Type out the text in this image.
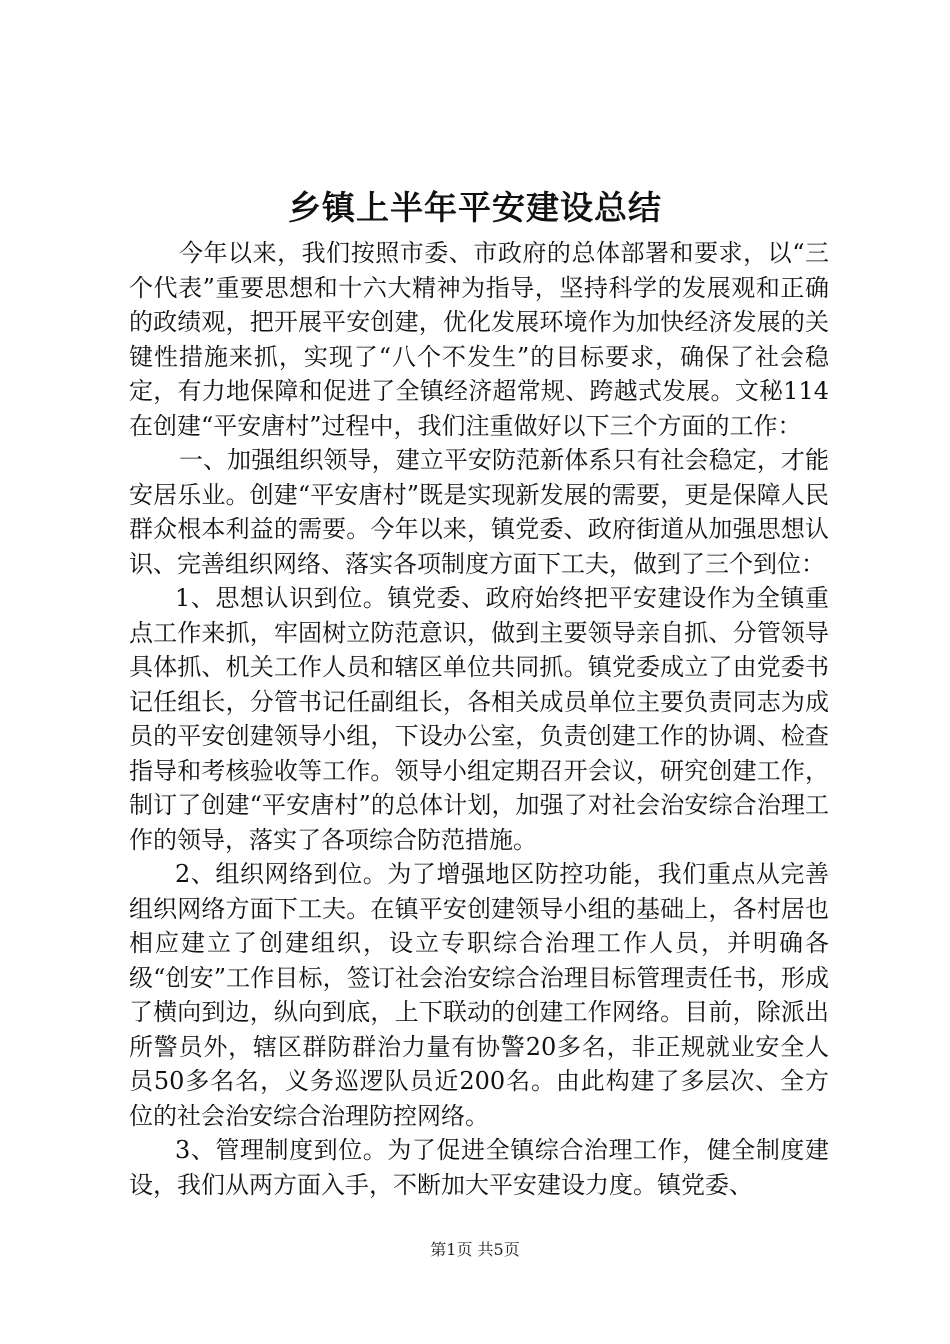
乡镇上半年平安建设总结

今年以来，我们按照市委、市政府的总体部署和要求，以“三个代表”重要思想和十六大精神为指导，坚持科学的发展观和正确的政绩观，把开展平安创建，优化发展环境作为加快经济发展的关键性措施来抓，实现了“八个不发生”的目标要求，确保了社会稳定，有力地保障和促进了全镇经济超常规、跨越式发展。文秘114在创建“平安唐村”过程中，我们注重做好以下三个方面的工作：

一、加强组织领导，建立平安防范新体系只有社会稳定，才能安居乐业。创建“平安唐村”既是实现新发展的需要，更是保障人民群众根本利益的需要。今年以来，镇党委、政府街道从加强思想认识、完善组织网络、落实各项制度方面下工夫，做到了三个到位：

1、思想认识到位。镇党委、政府始终把平安建设作为全镇重点工作来抓，牢固树立防范意识，做到主要领导亲自抓、分管领导具体抓、机关工作人员和辖区单位共同抓。镇党委成立了由党委书记任组长，分管书记任副组长，各相关成员单位主要负责同志为成员的平安创建领导小组，下设办公室，负责创建工作的协调、检查指导和考核验收等工作。领导小组定期召开会议，研究创建工作，制订了创建“平安唐村”的总体计划，加强了对社会治安综合治理工作的领导，落实了各项综合防范措施。

2、组织网络到位。为了增强地区防控功能，我们重点从完善组织网络方面下工夫。在镇平安创建领导小组的基础上，各村居也相应建立了创建组织，设立专职综合治理工作人员，并明确各级“创安”工作目标，签订社会治安综合治理目标管理责任书，形成了横向到边，纵向到底，上下联动的创建工作网络。目前，除派出所警员外，辖区群防群治力量有协警20多名，非正规就业安全人员50多名名，义务巡逻队员近200名。由此构建了多层次、全方位的社会治安综合治理防控网络。

3、管理制度到位。为了促进全镇综合治理工作，健全制度建设，我们从两方面入手，不断加大平安建设力度。镇党委、

第1页 共5页
